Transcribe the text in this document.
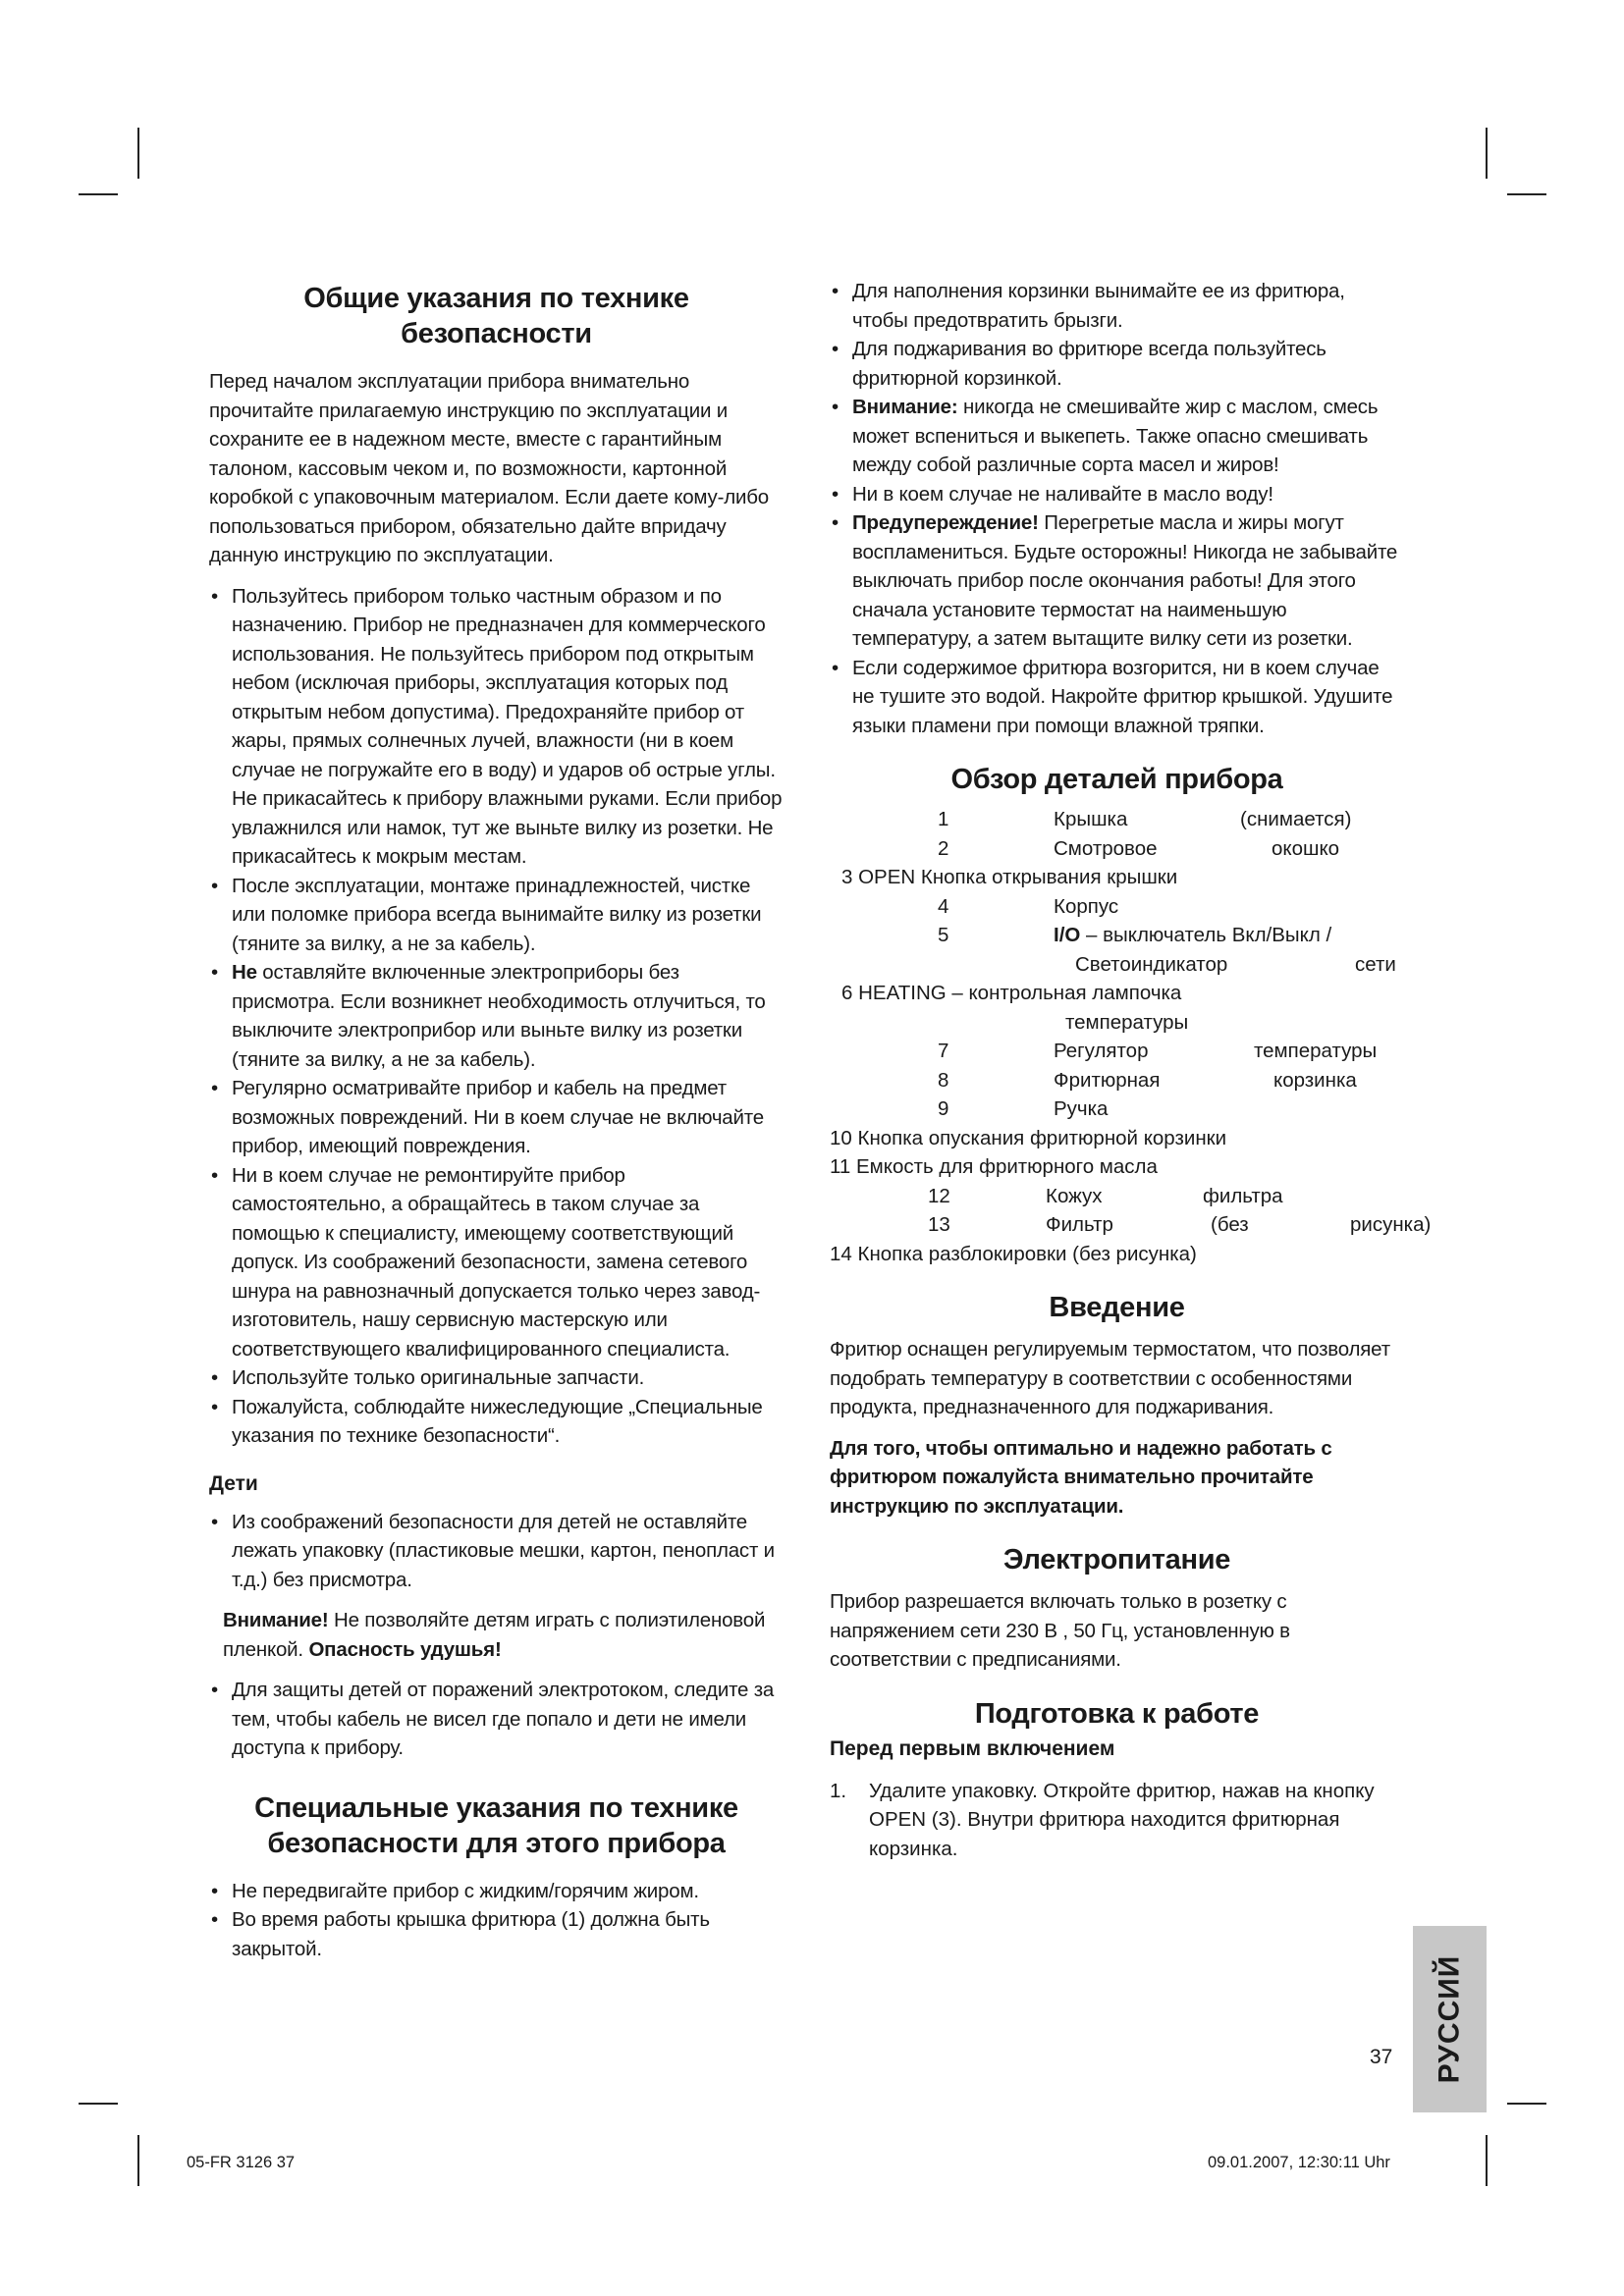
Общие указания по технике безопасности

Перед началом эксплуатации прибора внимательно прочитайте прилагаемую инструкцию по эксплуатации и сохраните ее в надежном месте, вместе с гарантийным талоном, кассовым чеком и, по возможности, картонной коробкой с упаковочным материалом. Если даете кому-либо попользоваться прибором, обязательно дайте впридачу данную инструкцию по эксплуатации.

•
Пользуйтесь прибором только частным образом и по назначению. Прибор не предназначен для коммерческого использования. Не пользуйтесь прибором под открытым небом (исключая приборы, эксплуатация которых под открытым небом допустима). Предохраняйте прибор от жары, прямых солнечных лучей, влажности (ни в коем случае не погружайте его в воду) и ударов об острые углы. Не прикасайтесь к прибору влажными руками. Если прибор увлажнился или намок, тут же выньте вилку из розетки. Не прикасайтесь к мокрым местам.
•
После эксплуатации, монтаже принадлежностей, чистке или поломке прибора всегда вынимайте вилку из розетки (тяните за вилку, а не за кабель).
•
Не оставляйте включенные электроприборы без присмотра. Если возникнет необходимость отлучиться, то выключите электроприбор или выньте вилку из розетки (тяните за вилку, а не за кабель).
•
Регулярно осматривайте прибор и кабель на предмет возможных повреждений. Ни в коем случае не включайте прибор, имеющий повреждения.
•
Ни в коем случае не ремонтируйте прибор самостоятельно, а обращайтесь в таком случае за помощью к специалисту, имеющему соответствующий допуск. Из соображений безопасности, замена сетевого шнура на равнозначный допускается только через завод-изготовитель, нашу сервисную мастерскую или соответствующего квалифицированного специалиста.
•
Используйте только оригинальные запчасти.
•
Пожалуйста, соблюдайте нижеследующие „Специальные указания по технике безопасности“.
Дети
•
Из соображений безопасности для детей не оставляйте лежать упаковку (пластиковые мешки, картон, пенопласт и т.д.) без присмотра.
Внимание! Не позволяйте детям играть с полиэтиленовой пленкой. Опасность удушья!
•
Для защиты детей от поражений электротоком, следите за тем, чтобы кабель не висел где попало и дети не имели доступа к прибору.
Специальные указания по технике безопасности для этого прибора
•
Не передвигайте прибор с жидким/горячим жиром.
•
Во время работы крышка фритюра (1) должна быть закрытой.
•
Для наполнения корзинки вынимайте ее из фритюра, чтобы предотвратить брызги.
•
Для поджаривания во фритюре всегда пользуйтесь фритюрной корзинкой.
•
Внимание: никогда не смешивайте жир с маслом, смесь может вспениться и выкепеть. Также опасно смешивать между собой различные сорта масел и жиров!
•
Ни в коем случае не наливайте в масло воду!
•
Предупереждение! Перегретые масла и жиры могут воспламениться. Будьте осторожны! Никогда не забывайте выключать прибор после окончания работы! Для этого сначала установите термостат на наименьшую температуру, а затем вытащите вилку сети из розетки.
•
Если содержимое фритюра возгорится, ни в коем случае не тушите это водой. Накройте фритюр крышкой. Удушите языки пламени при помощи влажной тряпки.
Обзор деталей прибора
1	Крышка	(снимается)
2	Смотровое	окошко
3 OPEN Кнопка открывания крышки
4	Корпус
5	I/O – выключатель Вкл/Выкл /
Светоиндикатор	сети
6 HEATING – контрольная лампочка
температуры
7	Регулятор	температуры
8	Фритюрная	корзинка
9	Ручка
10 Кнопка опускания фритюрной корзинки
11 Емкость для фритюрного масла
12	Кожух	фильтра
13	Фильтр	(без	рисунка)
14 Кнопка разблокировки (без рисунка)
Введение

Фритюр оснащен регулируемым термостатом, что позволяет подобрать температуру в соответствии с особенностями продукта, предназначенного для поджаривания.

Для того, чтобы оптимально и надежно работать с фритюром пожалуйста внимательно прочитайте инструкцию по эксплуатации.

Электропитание

Прибор разрешается включать только в розетку с напряжением сети 230 В , 50 Гц, установленную в соответствии с предписаниями.

Подготовка к работе
Перед первым включением
1. Удалите упаковку. Откройте фритюр, нажав на кнопку OPEN (3). Внутри фритюра находится фритюрная корзинка.
РУССИЙ
37
05-FR 3126 37	09.01.2007, 12:30:11 Uhr
